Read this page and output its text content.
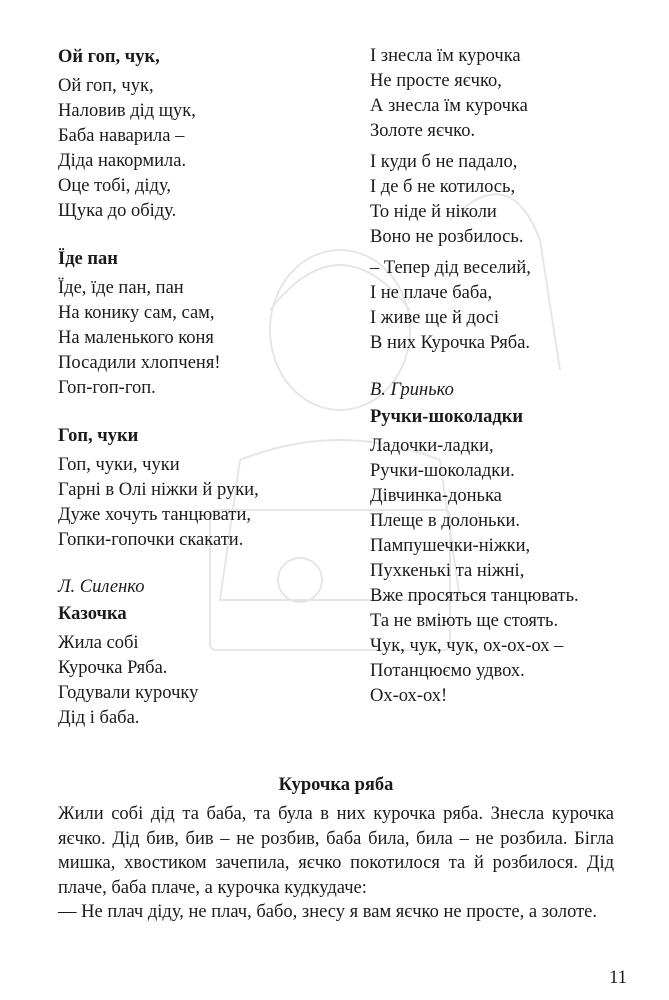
Ой гоп, чук,
Ой гоп, чук,
Наловив дід щук,
Баба наварила –
Діда накормила.
Оце тобі, діду,
Щука до обіду.
Їде пан
Їде, їде пан, пан
На конику сам, сам,
На маленького коня
Посадили хлопченя!
Гоп-гоп-гоп.
Гоп, чуки
Гоп, чуки, чуки
Гарні в Олі ніжки й руки,
Дуже хочуть танцювати,
Гопки-гопочки скакати.
Л. Силенко
Казочка
Жила собі
Курочка Ряба.
Годували курочку
Дід і баба.
І знесла їм курочка
Не просте яєчко,
А знесла їм курочка
Золоте яєчко.
І куди б не падало,
І де б не котилось,
То ніде й ніколи
Воно не розбилось.
– Тепер дід веселий,
І не плаче баба,
І живе ще й досі
В них Курочка Ряба.
В. Гринько
Ручки-шоколадки
Ладочки-ладки,
Ручки-шоколадки.
Дівчинка-донька
Плеще в долоньки.
Пампушечки-ніжки,
Пухкенькі та ніжні,
Вже просяться танцювать.
Та не вміють ще стоять.
Чук, чук, чук, ох-ох-ох –
Потанцюємо удвох.
Ох-ох-ох!
Курочка ряба
Жили собі дід та баба, та була в них курочка ряба. Знесла курочка яєчко. Дід бив, бив – не розбив, баба била, била – не розбила. Бігла мишка, хвостиком зачепила, яєчко покотилося та й розбилося. Дід плаче, баба плаче, а курочка кудкудаче:
— Не плач діду, не плач, бабо, знесу я вам яєчко не просте, а золоте.
11
